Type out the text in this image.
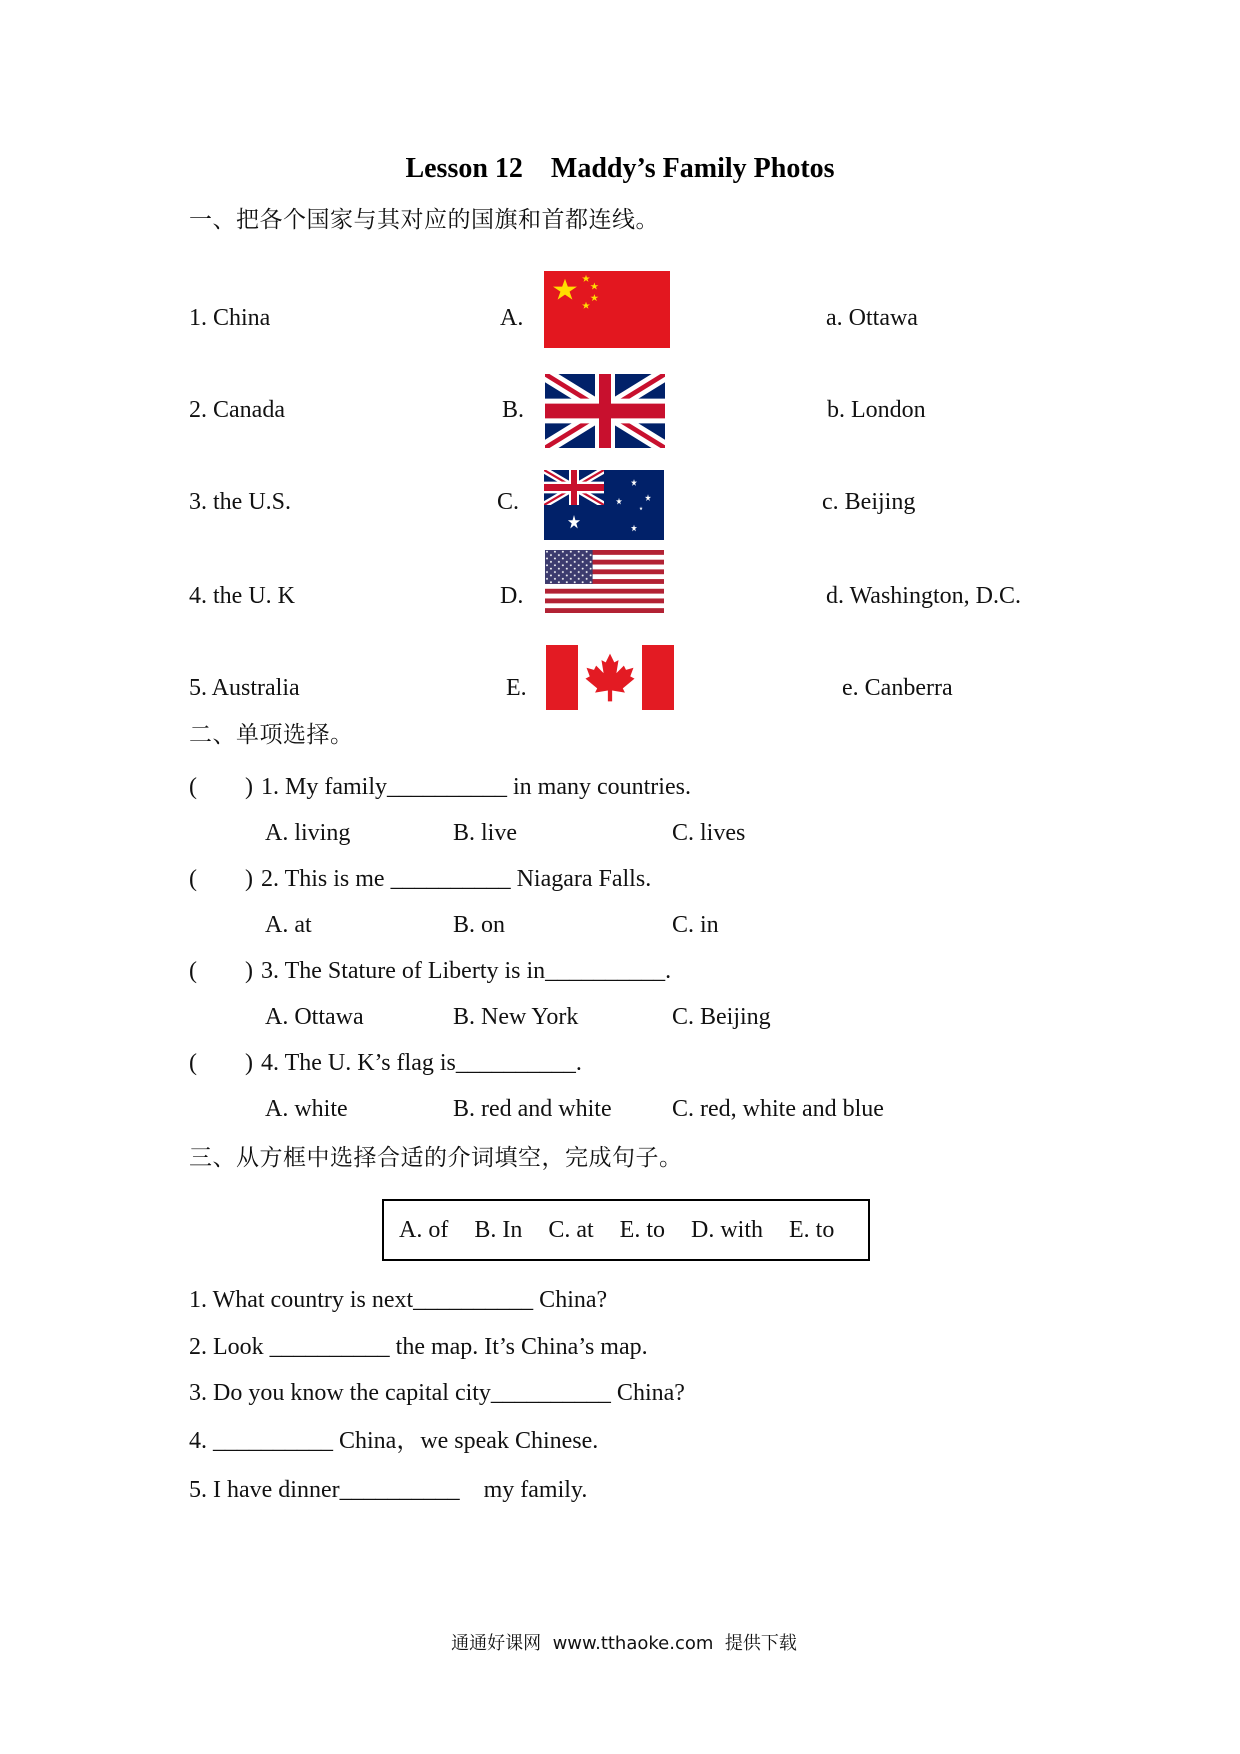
Lesson 12 Maddy’s Family Photos
一、把各个国家与其对应的国旗和首都连线。
1. China	A.	a. Ottawa
2. Canada	B.	b. London
3. the U.S.	C.	c. Beijing
4. the U. K	D.	d. Washington, D.C.
5. Australia	E.	e. Canberra
二、单项选择。
( ) 1. My family__________ in many countries.
A. living	B. live	C. lives
( ) 2. This is me __________ Niagara Falls.
A. at	B. on	C. in
( ) 3. The Stature of Liberty is in__________.
A. Ottawa	B. New York	C. Beijing
( ) 4. The U. K’s flag is__________.
A. white	B. red and white	C. red, white and blue
三、从方框中选择合适的介词填空，完成句子。
A. of B. In C. at E. to D. with E. to
1. What country is next__________ China?
2. Look __________ the map. It’s China’s map.
3. Do you know the capital city__________ China?
4. __________ China，we speak Chinese.
5. I have dinner__________    my family.
通通好课网  www.tthaoke.com  提供下载
